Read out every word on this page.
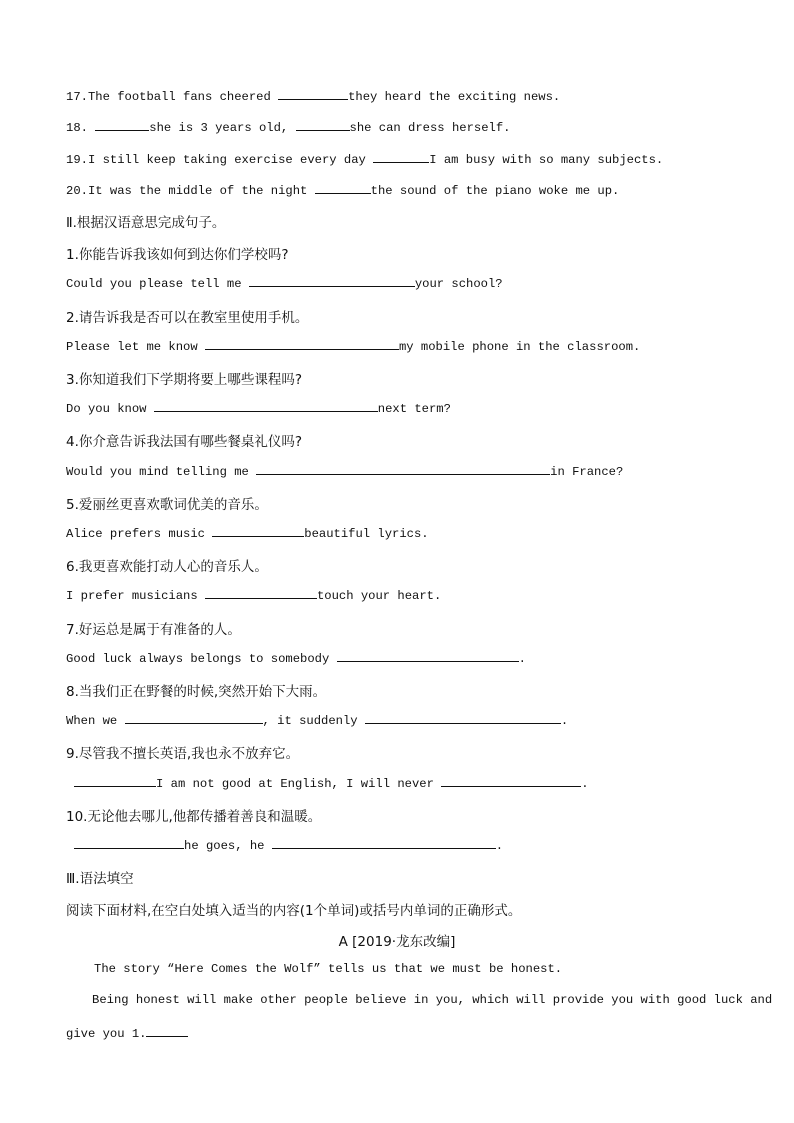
17.The football fans cheered	they heard the exciting news.
18.	she is 3 years old,	she can dress herself.
19.I still keep taking exercise every day	I am busy with so many subjects.
20.It was the middle of the night	the sound of the piano woke me up.
Ⅱ.根据汉语意思完成句子。
1.你能告诉我该如何到达你们学校吗?
Could you please tell me	your school?
2.请告诉我是否可以在教室里使用手机。
Please let me know	my mobile phone in the classroom.
3.你知道我们下学期将要上哪些课程吗?
Do you know	next term?
4.你介意告诉我法国有哪些餐桌礼仪吗?
Would you mind telling me	in France?
5.爱丽丝更喜欢歌词优美的音乐。
Alice prefers music	beautiful lyrics.
6.我更喜欢能打动人心的音乐人。
I prefer musicians	touch your heart.
7.好运总是属于有准备的人。
Good luck always belongs to somebody	.
8.当我们正在野餐的时候,突然开始下大雨。
When we	, it suddenly	.
9.尽管我不擅长英语,我也永不放弃它。
I am not good at English, I will never	.
10.无论他去哪儿,他都传播着善良和温暖。
he goes, he	.
Ⅲ.语法填空
阅读下面材料,在空白处填入适当的内容(1个单词)或括号内单词的正确形式。
A [2019·龙东改编]
The story “Here Comes the Wolf” tells us that we must be honest.
Being honest will make other people believe in you, which will provide you with good luck and
give you 1.
